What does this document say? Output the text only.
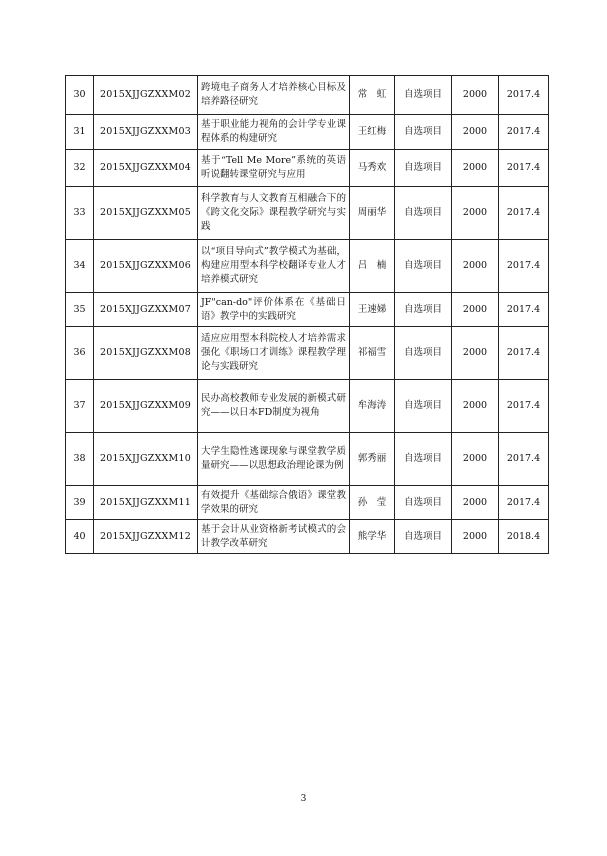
30	2015XJJGZXXM02	跨境电子商务人才培养核心目标及培养路径研究	常　虹	自选项目	2000	2017.4
31	2015XJJGZXXM03	基于职业能力视角的会计学专业课程体系的构建研究	王红梅	自选项目	2000	2017.4
32	2015XJJGZXXM04	基于“Tell Me More”系统的英语听说翻转课堂研究与应用	马秀欢	自选项目	2000	2017.4
33	2015XJJGZXXM05	科学教育与人文教育互相融合下的《跨文化交际》课程教学研究与实践	周丽华	自选项目	2000	2017.4
34	2015XJJGZXXM06	以“项目导向式”教学模式为基础，构建应用型本科学校翻译专业人才培养模式研究	吕　楠	自选项目	2000	2017.4
35	2015XJJGZXXM07	JF"can-do"评价体系在《基础日语》教学中的实践研究	王速娣	自选项目	2000	2017.4
36	2015XJJGZXXM08	适应应用型本科院校人才培养需求 强化《职场口才训练》课程教学理论与实践研究	祁福雪	自选项目	2000	2017.4
37	2015XJJGZXXM09	民办高校教师专业发展的新模式研究——以日本FD制度为视角	牟海涛	自选项目	2000	2017.4
38	2015XJJGZXXM10	大学生隐性逃课现象与课堂教学质量研究——以思想政治理论课为例	郭秀丽	自选项目	2000	2017.4
39	2015XJJGZXXM11	有效提升《基础综合俄语》课堂教学效果的研究	孙　莹	自选项目	2000	2017.4
40	2015XJJGZXXM12	基于会计从业资格新考试模式的会计教学改革研究	熊学华	自选项目	2000	2018.4
3
